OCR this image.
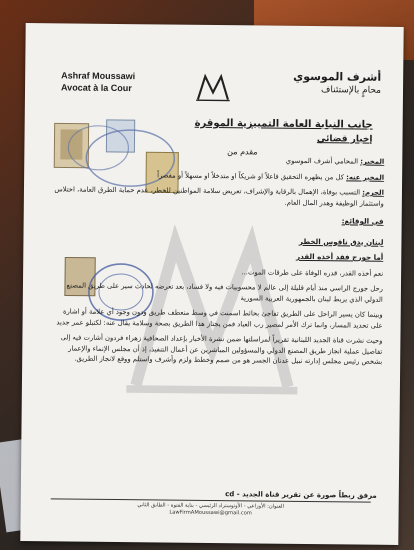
Ashraf Moussawi
Avocat à la Cour
أشرف الموسوي
محامٍ بالإستئناف
جانب النيابة العامة التمييزية الموقرة
إخبار قضائي
مقدم من

المخبر: المحامي أشرف الموسوي

المخبر عنه: كل من يظهره التحقيق فاعلاً او شريكاً او متدخلاً او مسهلاً أو مقصراً

الجرم: التسبب بوفاة، الإهمال بالرقابة والإشراف، تعريض سلامة المواطنين للخطر، عدم حماية الطرق العامة، اختلاس واستثمار الوظيفة وهدر المال العام.

في الوقائع:

لبنان يدق ناقوس الخطر

أما جورج فقد أخذه القدر

نعم أخذه القدر، قدره الوفاة على طرقات الموت...

رحل جورج الراسي منذ أيام قليلة إلى عالم لا محسوبيات فيه ولا فساد، بعد تعرضه لحادث سير على طريق المصنع الدولي الذي يربط لبنان بالجمهورية العربية السورية

وبينما كان يسير الراحل على الطريق تفاجئ بحائط اسمنت في وسط منعطف طريق ودون وجود أي علامة أو اشارة على تحديد المسار، وانما ترك الأمر لمصير رب العباد فمن يجتاز هذا الطريق بصحة وسلامة يقال عنه: لكتبلو عمر جديد

وحيث نشرت قناة الجديد اللبنانية تقريراً لمراسلتها ضمن نشرة الأخبار بإعداد الصحافية زهراء فردون أشارت فيه إلى تفاصيل عملية انجاز طريق المصنع الدولي والمسؤولين المباشرين عن أعمال التنفيذ، إذ أن مجلس الإنماء والإعمار بشخص رئيس مجلس إدارته نبيل عدنان الجسر هو من صمم وخطط ولزم وأشرف واستلم ووقع لانجاز الطريق.

مرفق ربطاً صورة عن تقرير قناة الجديد - cd
العنوان: الأوزاعي - الأوتوستراد الرئيسي - بناية الفتوة - الطابق الثاني
LawFirmAMoussawi@gmail.com
